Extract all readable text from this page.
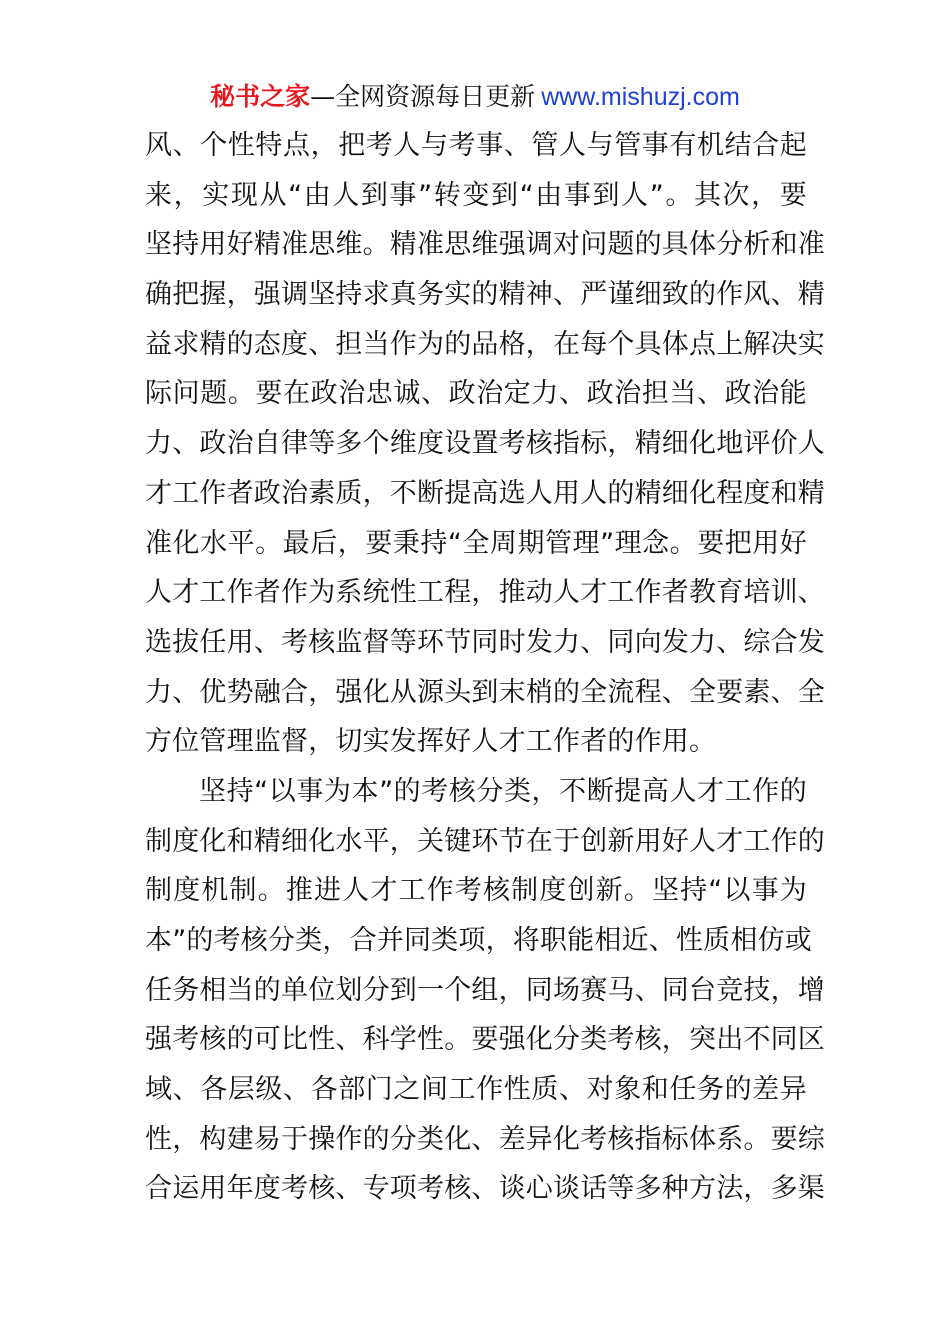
秘书之家—全网资源每日更新 www.mishuzj.com
风、个性特点，把考人与考事、管人与管事有机结合起
来，实现从“由人到事”转变到“由事到人”。其次，要
坚持用好精准思维。精准思维强调对问题的具体分析和准
确把握，强调坚持求真务实的精神、严谨细致的作风、精
益求精的态度、担当作为的品格，在每个具体点上解决实
际问题。要在政治忠诚、政治定力、政治担当、政治能
力、政治自律等多个维度设置考核指标，精细化地评价人
才工作者政治素质，不断提高选人用人的精细化程度和精
准化水平。最后，要秉持“全周期管理”理念。要把用好
人才工作者作为系统性工程，推动人才工作者教育培训、
选拔任用、考核监督等环节同时发力、同向发力、综合发
力、优势融合，强化从源头到末梢的全流程、全要素、全
方位管理监督，切实发挥好人才工作者的作用。
坚持“以事为本”的考核分类，不断提高人才工作的
制度化和精细化水平，关键环节在于创新用好人才工作的
制度机制。推进人才工作考核制度创新。坚持“以事为
本”的考核分类，合并同类项，将职能相近、性质相仿或
任务相当的单位划分到一个组，同场赛马、同台竞技，增
强考核的可比性、科学性。要强化分类考核，突出不同区
域、各层级、各部门之间工作性质、对象和任务的差异
性，构建易于操作的分类化、差异化考核指标体系。要综
合运用年度考核、专项考核、谈心谈话等多种方法，多渠
